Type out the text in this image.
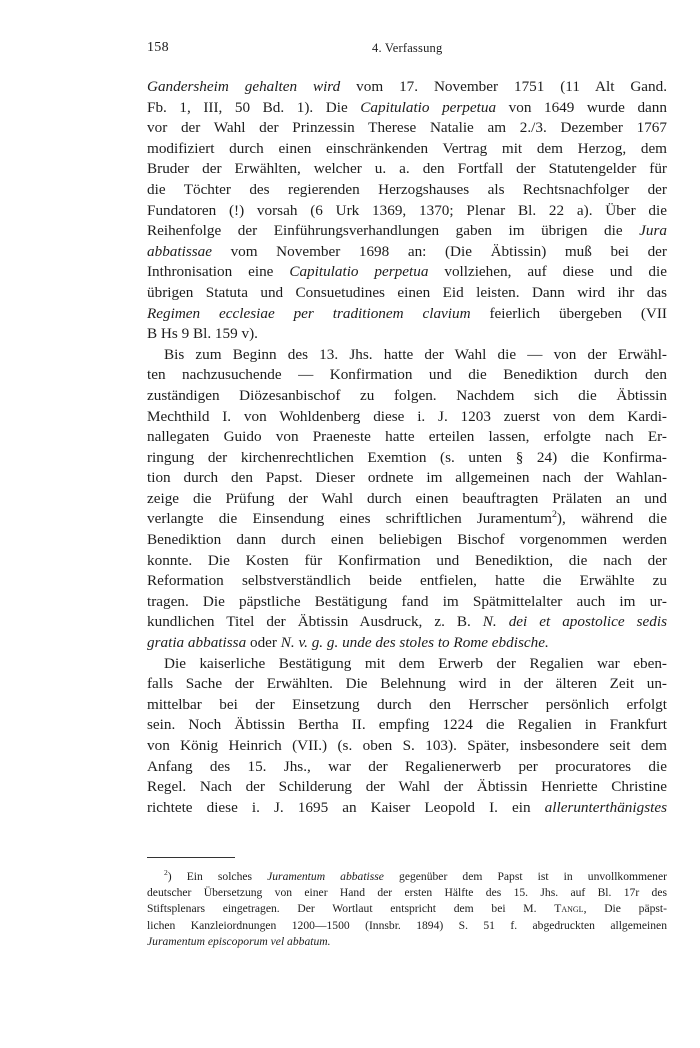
158	4. Verfassung
Gandersheim gehalten wird vom 17. November 1751 (11 Alt Gand.
Fb. 1, III, 50 Bd. 1). Die Capitulatio perpetua von 1649 wurde dann
vor der Wahl der Prinzessin Therese Natalie am 2./3. Dezember 1767
modifiziert durch einen einschränkenden Vertrag mit dem Herzog, dem
Bruder der Erwählten, welcher u. a. den Fortfall der Statutengelder für
die Töchter des regierenden Herzogshauses als Rechtsnachfolger der
Fundatoren (!) vorsah (6 Urk 1369, 1370; Plenar Bl. 22 a). Über die
Reihenfolge der Einführungsverhandlungen gaben im übrigen die Jura
abbatissae vom November 1698 an: (Die Äbtissin) muß bei der
Inthronisation eine Capitulatio perpetua vollziehen, auf diese und die
übrigen Statuta und Consuetudines einen Eid leisten. Dann wird ihr das
Regimen ecclesiae per traditionem clavium feierlich übergeben (VII
B Hs 9 Bl. 159 v).
Bis zum Beginn des 13. Jhs. hatte der Wahl die — von der Erwähl-
ten nachzusuchende — Konfirmation und die Benediktion durch den
zuständigen Diözesanbischof zu folgen. Nachdem sich die Äbtissin
Mechthild I. von Wohldenberg diese i. J. 1203 zuerst von dem Kardi-
nallegaten Guido von Praeneste hatte erteilen lassen, erfolgte nach Er-
ringung der kirchenrechtlichen Exemtion (s. unten § 24) die Konfirma-
tion durch den Papst. Dieser ordnete im allgemeinen nach der Wahlan-
zeige die Prüfung der Wahl durch einen beauftragten Prälaten an und
verlangte die Einsendung eines schriftlichen Juramentum$^2$), während die
Benediktion dann durch einen beliebigen Bischof vorgenommen werden
konnte. Die Kosten für Konfirmation und Benediktion, die nach der
Reformation selbstverständlich beide entfielen, hatte die Erwählte zu
tragen. Die päpstliche Bestätigung fand im Spätmittelalter auch im ur-
kundlichen Titel der Äbtissin Ausdruck, z. B. N. dei et apostolice sedis
gratia abbatissa oder N. v. g. g. unde des stoles to Rome ebdische.
Die kaiserliche Bestätigung mit dem Erwerb der Regalien war eben-
falls Sache der Erwählten. Die Belehnung wird in der älteren Zeit un-
mittelbar bei der Einsetzung durch den Herrscher persönlich erfolgt
sein. Noch Äbtissin Bertha II. empfing 1224 die Regalien in Frankfurt
von König Heinrich (VII.) (s. oben S. 103). Später, insbesondere seit dem
Anfang des 15. Jhs., war der Regalienerwerb per procuratores die
Regel. Nach der Schilderung der Wahl der Äbtissin Henriette Christine
richtete diese i. J. 1695 an Kaiser Leopold I. ein allerunterthänigstes
$^2$) Ein solches Juramentum abbatisse gegenüber dem Papst ist in unvollkommener
deutscher Übersetzung von einer Hand der ersten Hälfte des 15. Jhs. auf Bl. 17r des
Stiftsplenars eingetragen. Der Wortlaut entspricht dem bei M. Tangl, Die päpst-
lichen Kanzleiordnungen 1200—1500 (Innsbr. 1894) S. 51 f. abgedruckten allgemeinen
Juramentum episcoporum vel abbatum.
